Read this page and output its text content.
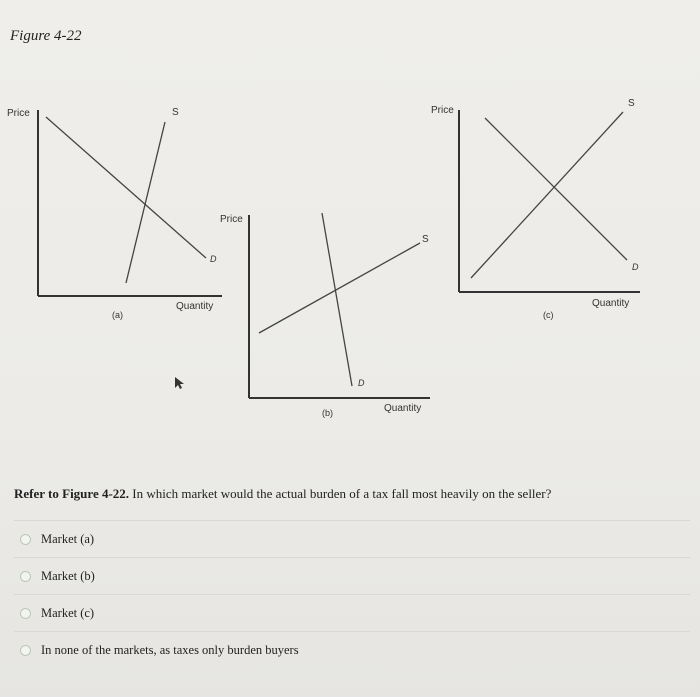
Figure 4-22
Price
Quantity
S
D
(a)
Price
Quantity
S
D
(b)
Price
Quantity
S
D
(c)
Refer to Figure 4-22. In which market would the actual burden of a tax fall most heavily on the seller?
Market (a)
Market (b)
Market (c)
In none of the markets, as taxes only burden buyers
